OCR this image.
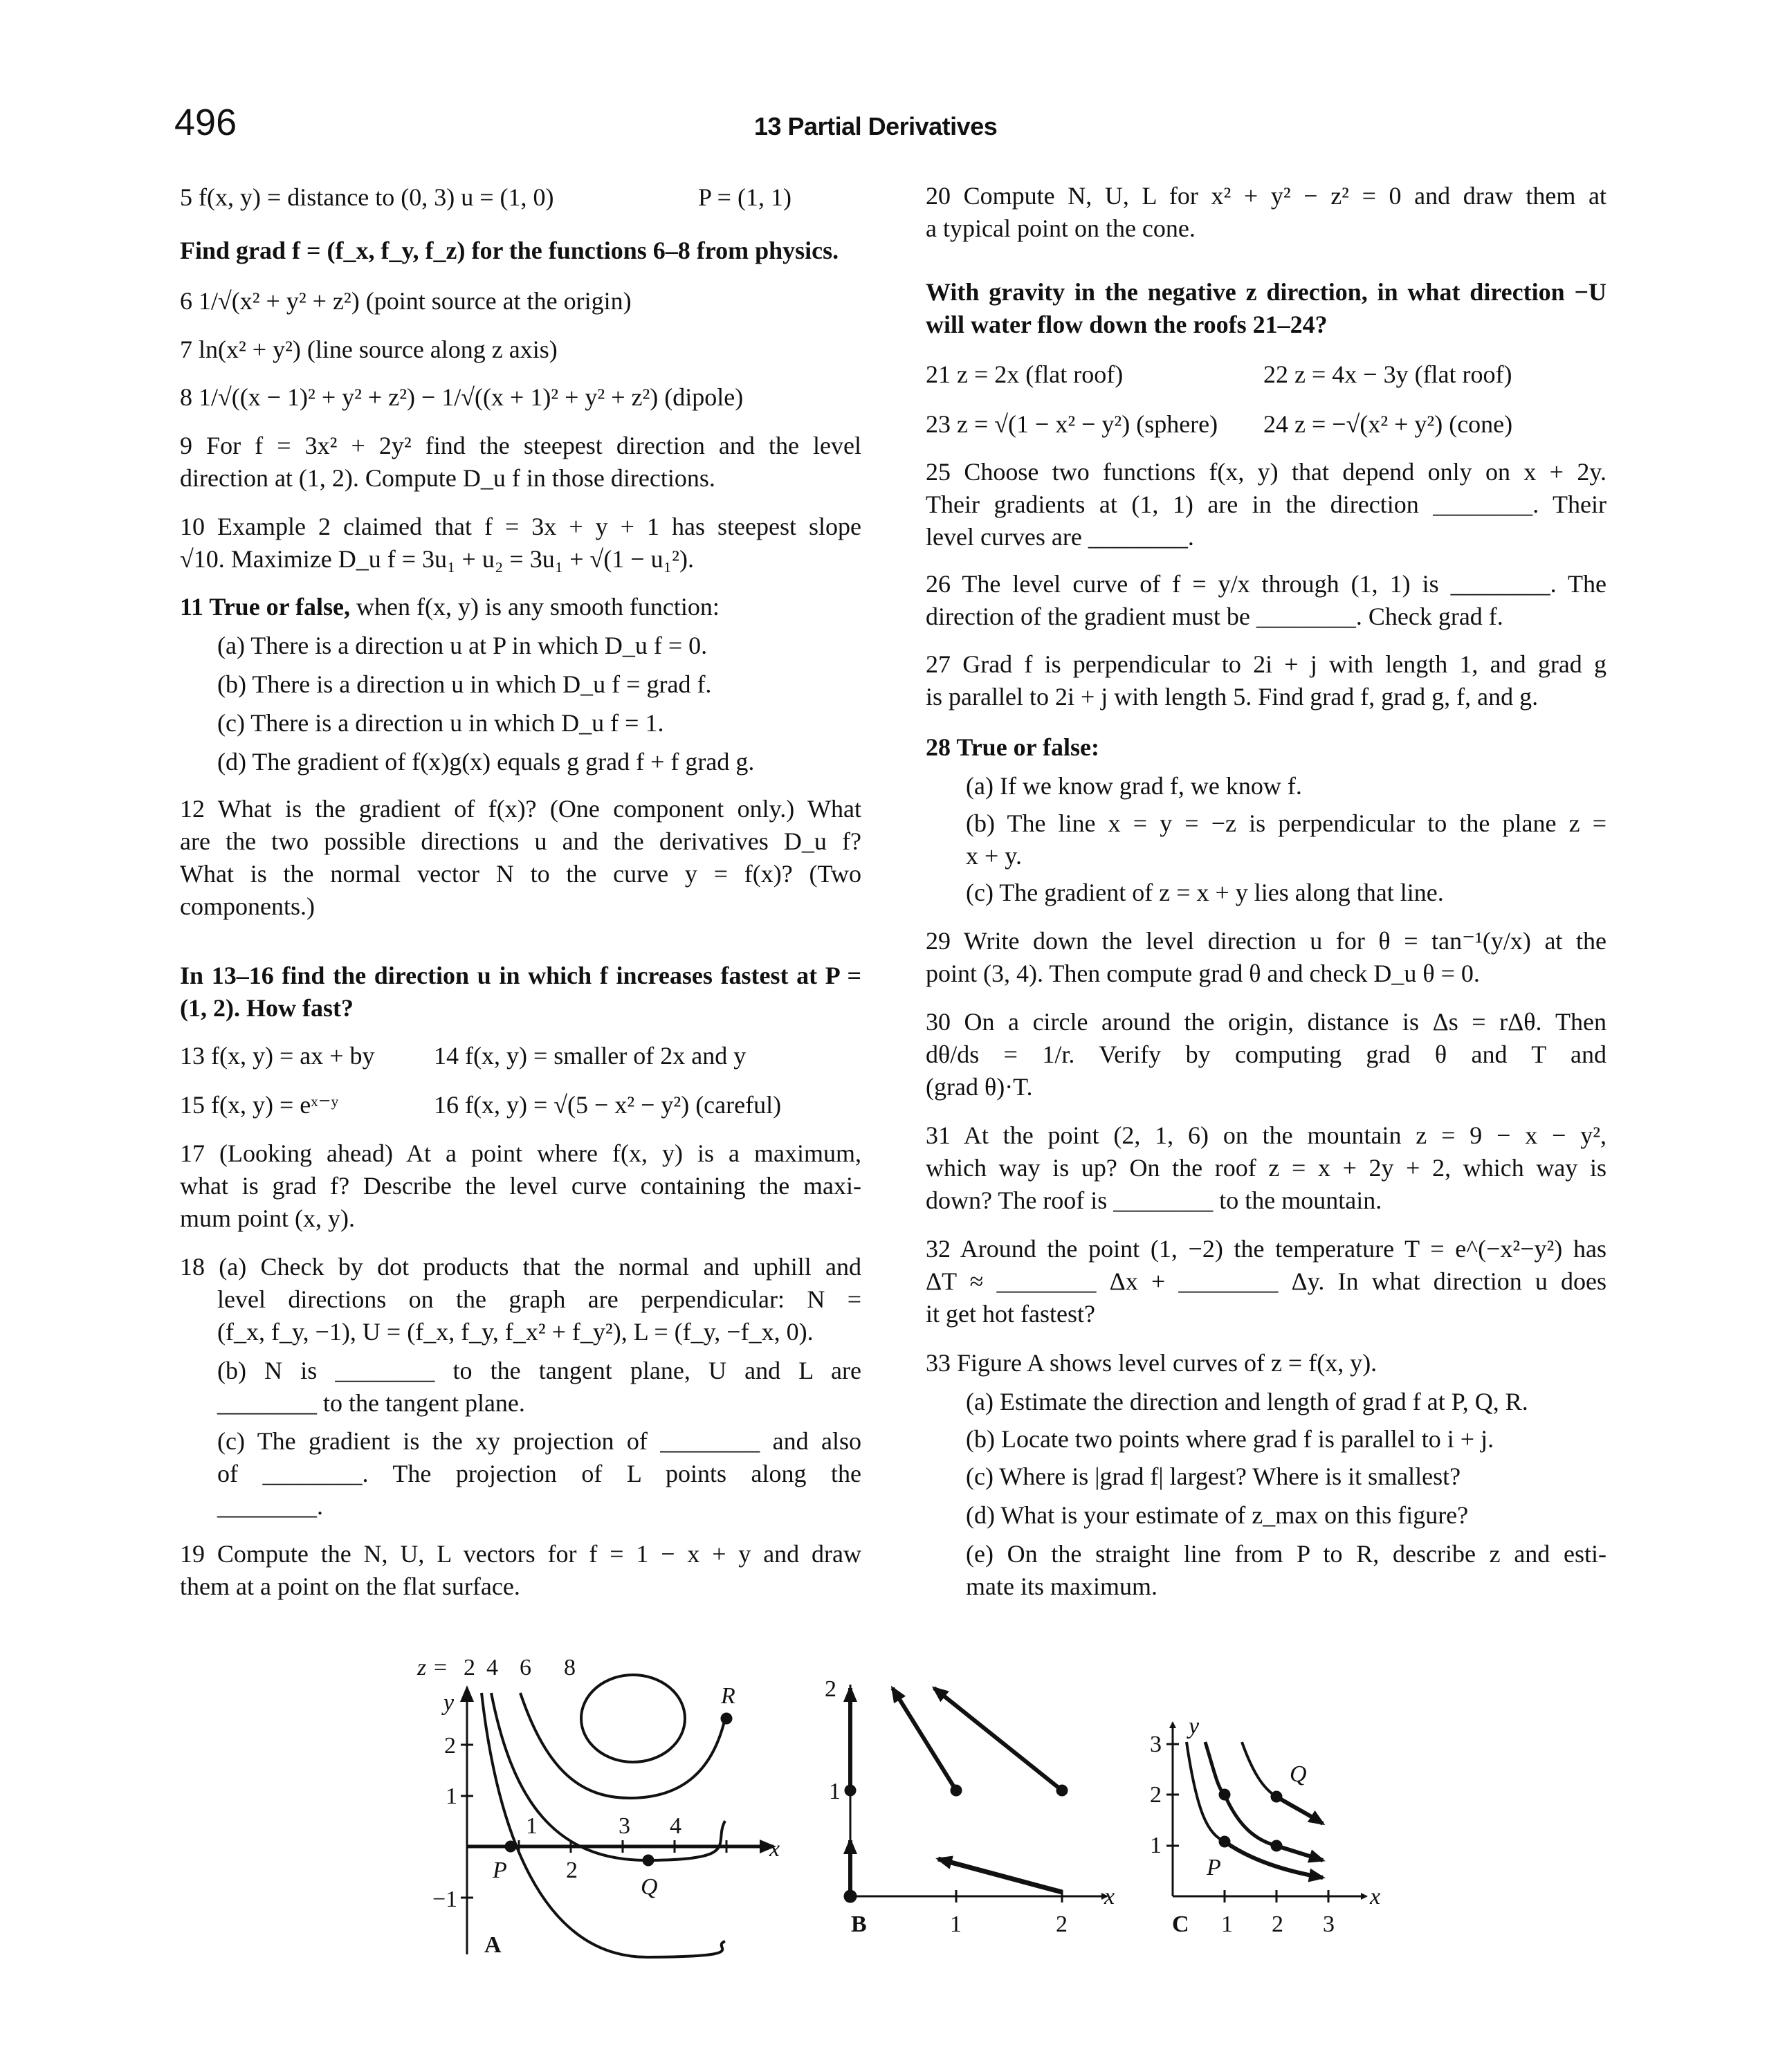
496	13 Partial Derivatives
5 f(x, y) = distance to (0, 3) u = (1, 0)	P = (1, 1)
Find grad f = (f_x, f_y, f_z) for the functions 6–8 from physics.
6 1/√(x² + y² + z²) (point source at the origin)
7 ln(x² + y²) (line source along z axis)
8 1/√((x − 1)² + y² + z²) − 1/√((x + 1)² + y² + z²) (dipole)
9 For f = 3x² + 2y² find the steepest direction and the level
direction at (1, 2). Compute D_u f in those directions.
10 Example 2 claimed that f = 3x + y + 1 has steepest slope
√10. Maximize D_u f = 3u₁ + u₂ = 3u₁ + √(1 − u₁²).
11 True or false, when f(x, y) is any smooth function:
(a) There is a direction u at P in which D_u f = 0.
(b) There is a direction u in which D_u f = grad f.
(c) There is a direction u in which D_u f = 1.
(d) The gradient of f(x)g(x) equals g grad f + f grad g.
12 What is the gradient of f(x)? (One component only.) What
are the two possible directions u and the derivatives D_u f?
What is the normal vector N to the curve y = f(x)? (Two
components.)
In 13–16 find the direction u in which f increases fastest at P =
(1, 2). How fast?
13 f(x, y) = ax + by 14 f(x, y) = smaller of 2x and y
15 f(x, y) = eˣ⁻ʸ	16 f(x, y) = √(5 − x² − y²) (careful)
17 (Looking ahead) At a point where f(x, y) is a maximum,
what is grad f? Describe the level curve containing the maxi-
mum point (x, y).
18 (a) Check by dot products that the normal and uphill and
level directions on the graph are perpendicular: N =
(f_x, f_y, −1), U = (f_x, f_y, f_x² + f_y²), L = (f_y, −f_x, 0).
(b) N is ________ to the tangent plane, U and L are
________ to the tangent plane.
(c) The gradient is the xy projection of ________ and also
of ________. The projection of L points along the
________.
19 Compute the N, U, L vectors for f = 1 − x + y and draw
them at a point on the flat surface.
20 Compute N, U, L for x² + y² − z² = 0 and draw them at
a typical point on the cone.
With gravity in the negative z direction, in what direction −U
will water flow down the roofs 21–24?
21 z = 2x (flat roof)	22 z = 4x − 3y (flat roof)
23 z = √(1 − x² − y²) (sphere) 24 z = −√(x² + y²) (cone)
25 Choose two functions f(x, y) that depend only on x + 2y.
Their gradients at (1, 1) are in the direction ________. Their
level curves are ________.
26 The level curve of f = y/x through (1, 1) is ________. The
direction of the gradient must be ________. Check grad f.
27 Grad f is perpendicular to 2i + j with length 1, and grad g
is parallel to 2i + j with length 5. Find grad f, grad g, f, and g.
28 True or false:
(a) If we know grad f, we know f.
(b) The line x = y = −z is perpendicular to the plane z =
x + y.
(c) The gradient of z = x + y lies along that line.
29 Write down the level direction u for θ = tan⁻¹(y/x) at the
point (3, 4). Then compute grad θ and check D_u θ = 0.
30 On a circle around the origin, distance is Δs = rΔθ. Then
dθ/ds = 1/r. Verify by computing grad θ and T and
(grad θ)·T.
31 At the point (2, 1, 6) on the mountain z = 9 − x − y²,
which way is up? On the roof z = x + 2y + 2, which way is
down? The roof is ________ to the mountain.
32 Around the point (1, −2) the temperature T = e^(−x²−y²) has
ΔT ≈ ________ Δx + ________ Δy. In what direction u does
it get hot fastest?
33 Figure A shows level curves of z = f(x, y).
(a) Estimate the direction and length of grad f at P, Q, R.
(b) Locate two points where grad f is parallel to i + j.
(c) Where is |grad f| largest? Where is it smallest?
(d) What is your estimate of z_max on this figure?
(e) On the straight line from P to R, describe z and esti-
mate its maximum.
z = 2 4 6 8
y
2
1
−1
1	3 4
2
x
P
Q
R
A
2
1
B	1	2
x
y
3
2
1
C 1 2 3
x
P
Q
